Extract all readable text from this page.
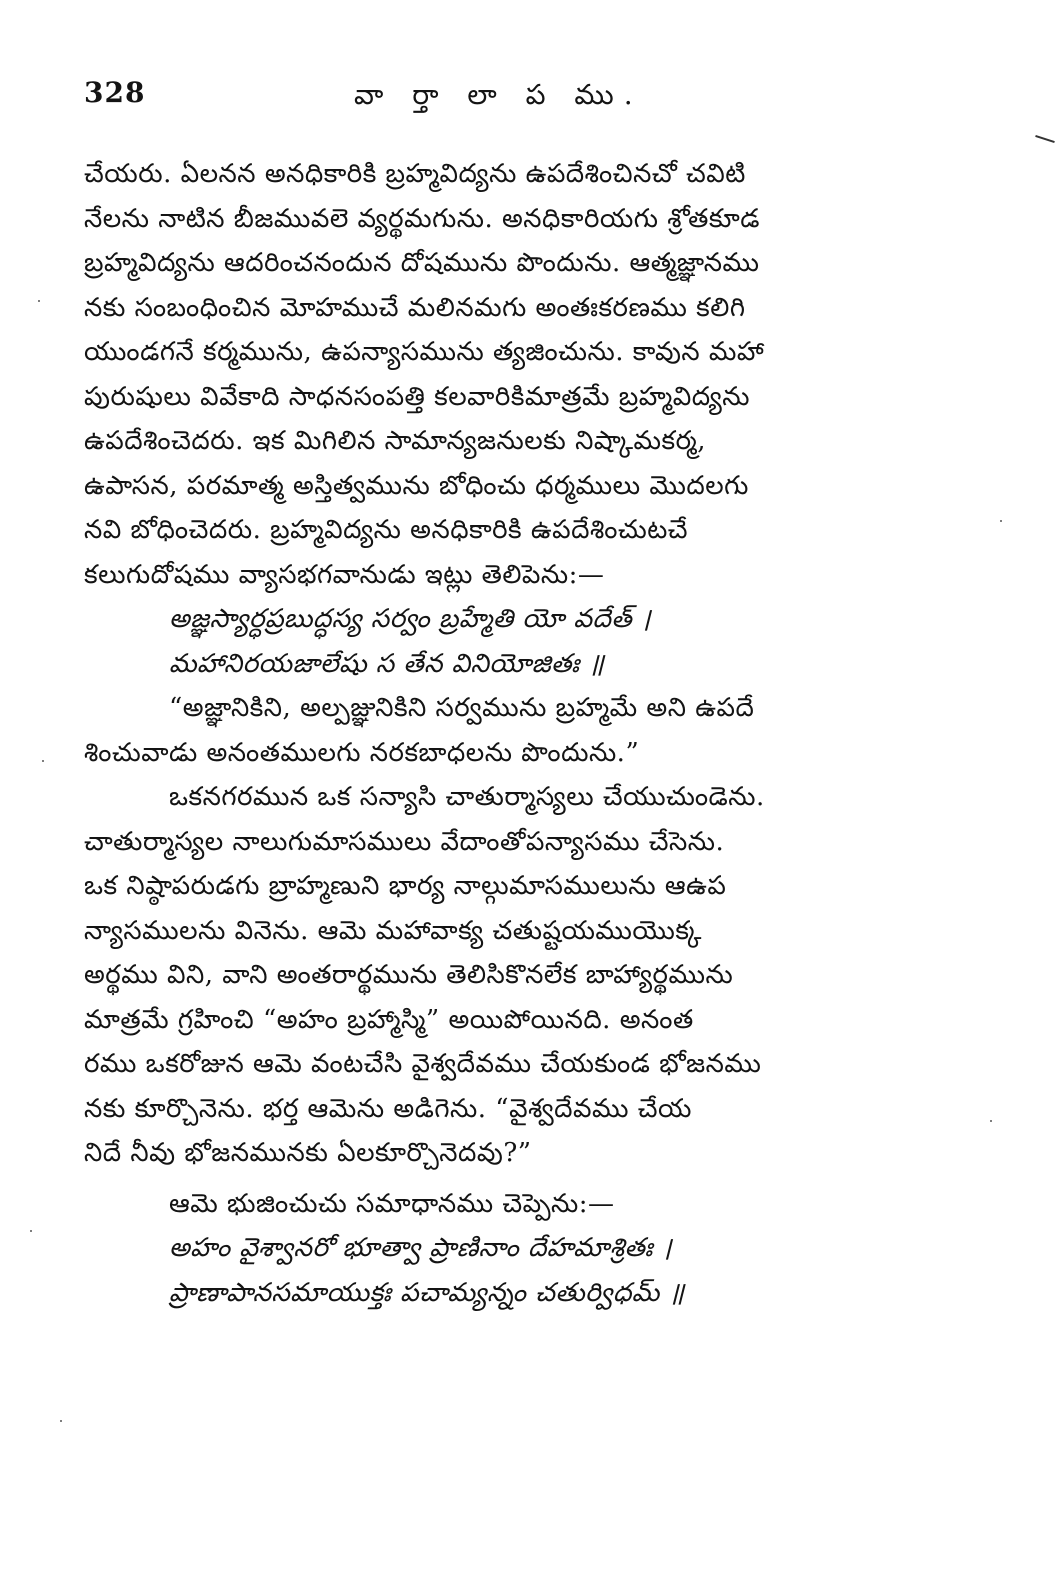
328	వా ర్తా లా ప ము.
చేయరు. ఏలనన అనధికారికి బ్రహ్మవిద్యను ఉపదేశించినచో చవిటి
నేలను నాటిన బీజమువలె వ్యర్థమగును. అనధికారియగు శ్రోతకూడ
బ్రహ్మవిద్యను ఆదరించనందున దోషమును పొందును. ఆత్మజ్ఞానము
నకు సంబంధించిన మోహముచే మలినమగు అంతఃకరణము కలిగి
యుండగనే కర్మమును, ఉపన్యాసమును త్యజించును. కావున మహా
పురుషులు వివేకాది సాధనసంపత్తి కలవారికిమాత్రమే బ్రహ్మవిద్యను
ఉపదేశించెదరు. ఇక మిగిలిన సామాన్యజనులకు నిష్కామకర్మ,
ఉపాసన, పరమాత్మ అస్తిత్వమును బోధించు ధర్మములు మొదలగు
నవి బోధించెదరు. బ్రహ్మవిద్యను అనధికారికి ఉపదేశించుటచే
కలుగుదోషము వ్యాసభగవానుడు ఇట్లు తెలిపెను:—
అజ్ఞస్యార్ధప్రబుద్ధస్య సర్వం బ్రహ్మేతి యో వదేత్ ।
మహానిరయజాలేషు స తేన వినియోజితః ॥
“అజ్ఞానికిని, అల్పజ్ఞునికిని సర్వమును బ్రహ్మమే అని ఉపదే
శించువాడు అనంతములగు నరకబాధలను పొందును.”
ఒకనగరమున ఒక సన్యాసి చాతుర్మాస్యలు చేయుచుండెను.
చాతుర్మాస్యల నాలుగుమాసములు వేదాంతోపన్యాసము చేసెను.
ఒక నిష్ఠాపరుడగు బ్రాహ్మణుని భార్య నాల్గుమాసములును ఆఉప
న్యాసములను వినెను. ఆమె మహావాక్య చతుష్టయముయొక్క
అర్థము విని, వాని అంతరార్థమును తెలిసికొనలేక బాహ్యార్థమును
మాత్రమే గ్రహించి “అహం బ్రహ్మాస్మి” అయిపోయినది. అనంత
రము ఒకరోజున ఆమె వంటచేసి వైశ్వదేవము చేయకుండ భోజనము
నకు కూర్చొనెను. భర్త ఆమెను అడిగెను. “వైశ్వదేవము చేయ
నిదే నీవు భోజనమునకు ఏలకూర్చొనెదవు?”
ఆమె భుజించుచు సమాధానము చెప్పెను:—
అహం వైశ్వానరో భూత్వా ప్రాణినాం దేహమాశ్రితః ।
ప్రాణాపానసమాయుక్తః పచామ్యన్నం చతుర్విధమ్ ॥
